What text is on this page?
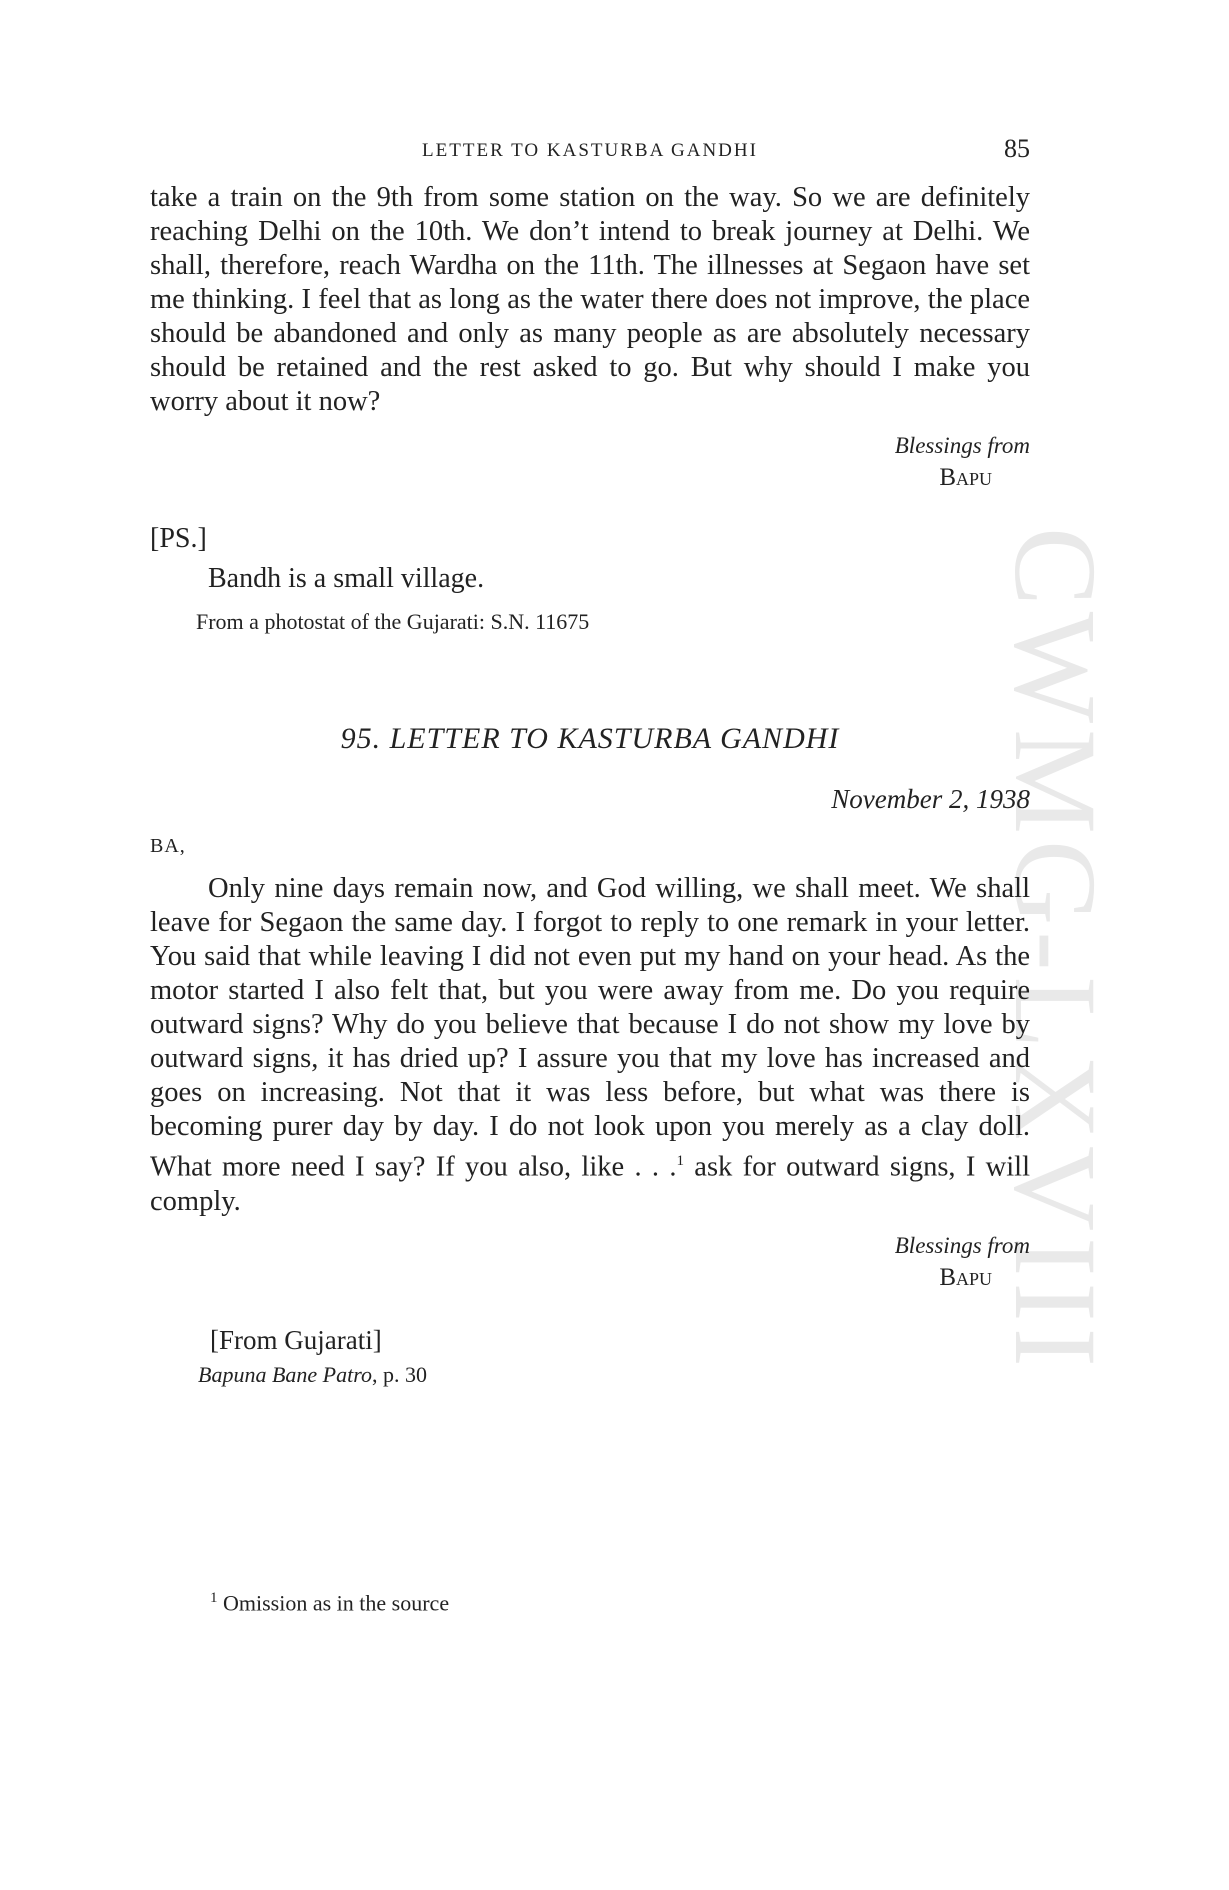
CWMG-LXVIII
LETTER TO KASTURBA GANDHI	85

take a train on the 9th from some station on the way. So we are definitely reaching Delhi on the 10th. We don’t intend to break journey at Delhi. We shall, therefore, reach Wardha on the 11th. The illnesses at Segaon have set me thinking. I feel that as long as the water there does not improve, the place should be abandoned and only as many people as are absolutely necessary should be retained and the rest asked to go. But why should I make you worry about it now?

Blessings from

Bapu

[PS.]
Bandh is a small village.
From a photostat of the Gujarati: S.N. 11675
95. LETTER TO KASTURBA GANDHI
November 2, 1938
BA,

Only nine days remain now, and God willing, we shall meet. We shall leave for Segaon the same day. I forgot to reply to one remark in your letter. You said that while leaving I did not even put my hand on your head. As the motor started I also felt that, but you were away from me. Do you require outward signs? Why do you believe that because I do not show my love by outward signs, it has dried up? I assure you that my love has increased and goes on increasing. Not that it was less before, but what was there is becoming purer day by day. I do not look upon you merely as a clay doll. What more need I say? If you also, like . . .$^1$ ask for outward signs, I will comply.

Blessings from

Bapu

[From Gujarati]
Bapuna Bane Patro, p. 30
$^1$ Omission as in the source
